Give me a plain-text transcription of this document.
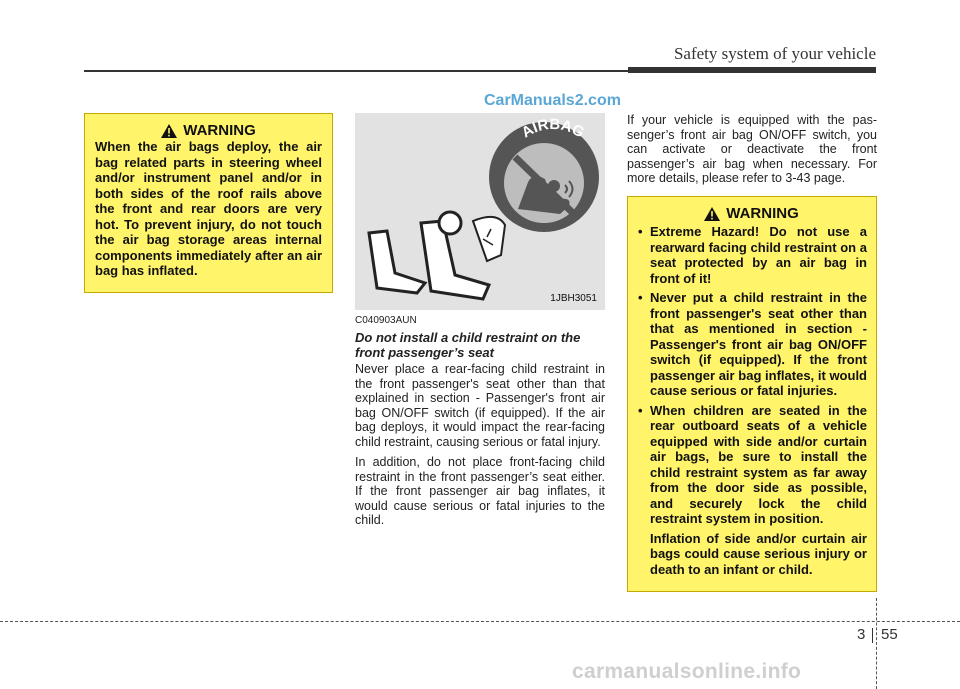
Safety system of your vehicle
CarManuals2.com
WARNING
When the air bags deploy, the air bag related parts in steering wheel and/or instrument panel and/or in both sides of the roof rails above the front and rear doors are very hot. To prevent injury, do not touch the air bag storage areas internal components immediately after an air bag has inflated.
AIRBAG
1JBH3051
C040903AUN
Do not install a child restraint on the front passenger’s seat

Never place a rear-facing child restraint in the front passenger's seat other than that explained in section - Passenger's front air bag ON/OFF switch (if equipped). If the air bag deploys, it would impact the rear-facing child restraint, causing serious or fatal injury.

In addition, do not place front-facing child restraint in the front passenger’s seat either. If the front passenger air bag inflates, it would cause serious or fatal injuries to the child.

If your vehicle is equipped with the pas-senger’s front air bag ON/OFF switch, you can activate or deactivate the front passenger’s air bag when necessary. For more details, please refer to 3-43 page.

WARNING
• Extreme Hazard! Do not use a rearward facing child restraint on a seat protected by an air bag in front of it!
• Never put a child restraint in the front passenger's seat other than that as mentioned in section - Passenger's front air bag ON/OFF switch (if equipped). If the front passenger air bag inflates, it would cause serious or fatal injuries.
• When children are seated in the rear outboard seats of a vehicle equipped with side and/or curtain air bags, be sure to install the child restraint system as far away from the door side as possible, and securely lock the child restraint system in position.
Inflation of side and/or curtain air bags could cause serious injury or death to an infant or child.
3 55
carmanualsonline.info
